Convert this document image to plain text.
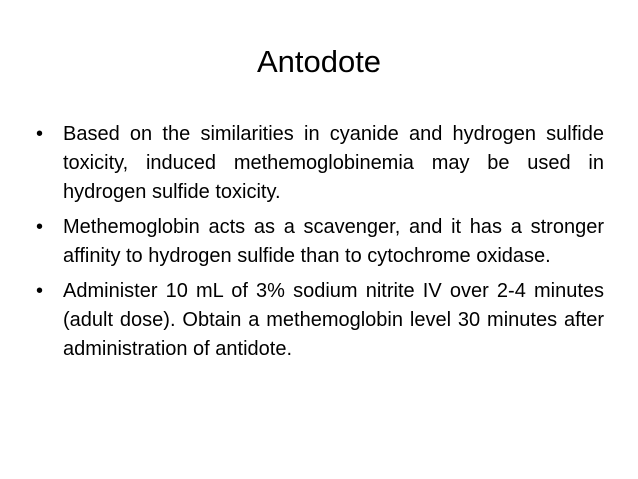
Antodote
• Based on the similarities in cyanide and hydrogen sulfide toxicity, induced methemoglobinemia may be used in hydrogen sulfide toxicity.
• Methemoglobin acts as a scavenger, and it has a stronger affinity to hydrogen sulfide than to cytochrome oxidase.
• Administer 10 mL of 3% sodium nitrite IV over 2-4 minutes (adult dose). Obtain a methemoglobin level 30 minutes after administration of antidote.
